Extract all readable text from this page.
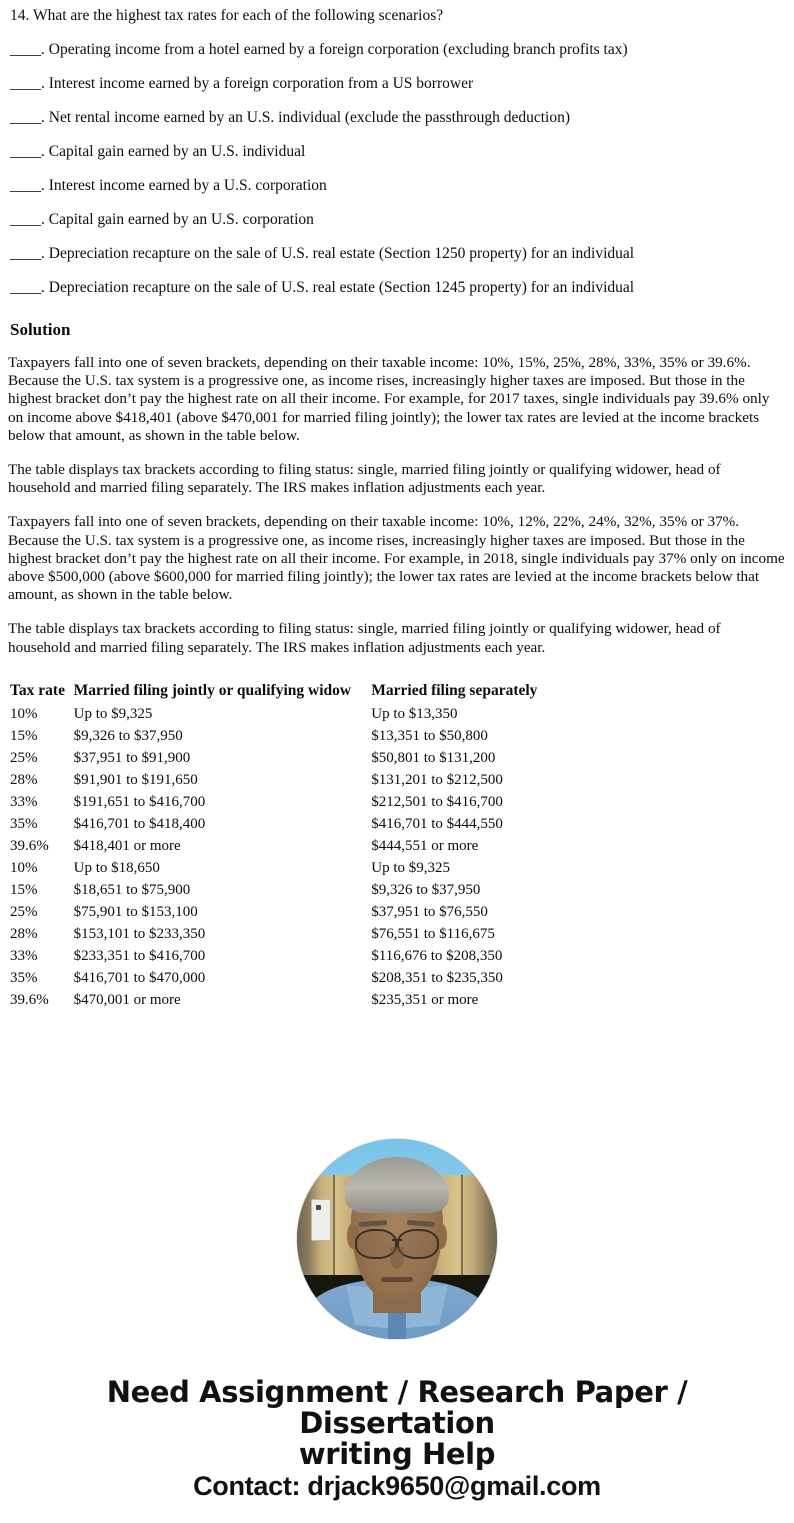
14. What are the highest tax rates for each of the following scenarios?

____. Operating income from a hotel earned by a foreign corporation (excluding branch profits tax)

____. Interest income earned by a foreign corporation from a US borrower

____. Net rental income earned by an U.S. individual (exclude the passthrough deduction)

____. Capital gain earned by an U.S. individual

____. Interest income earned by a U.S. corporation

____. Capital gain earned by an U.S. corporation

____. Depreciation recapture on the sale of U.S. real estate (Section 1250 property) for an individual

____. Depreciation recapture on the sale of U.S. real estate (Section 1245 property) for an individual

Solution

Taxpayers fall into one of seven brackets, depending on their taxable income: 10%, 15%, 25%, 28%, 33%, 35% or 39.6%. Because the U.S. tax system is a progressive one, as income rises, increasingly higher taxes are imposed. But those in the highest bracket don’t pay the highest rate on all their income. For example, for 2017 taxes, single individuals pay 39.6% only on income above $418,401 (above $470,001 for married filing jointly); the lower tax rates are levied at the income brackets below that amount, as shown in the table below.

The table displays tax brackets according to filing status: single, married filing jointly or qualifying widower, head of household and married filing separately. The IRS makes inflation adjustments each year.

Taxpayers fall into one of seven brackets, depending on their taxable income: 10%, 12%, 22%, 24%, 32%, 35% or 37%. Because the U.S. tax system is a progressive one, as income rises, increasingly higher taxes are imposed. But those in the highest bracket don’t pay the highest rate on all their income. For example, in 2018, single individuals pay 37% only on income above $500,000 (above $600,000 for married filing jointly); the lower tax rates are levied at the income brackets below that amount, as shown in the table below.

The table displays tax brackets according to filing status: single, married filing jointly or qualifying widower, head of household and married filing separately. The IRS makes inflation adjustments each year.

Tax rate	Married filing jointly or qualifying widow	Married filing separately
10%	Up to $9,325	Up to $13,350
15%	$9,326 to $37,950	$13,351 to $50,800
25%	$37,951 to $91,900	$50,801 to $131,200
28%	$91,901 to $191,650	$131,201 to $212,500
33%	$191,651 to $416,700	$212,501 to $416,700
35%	$416,701 to $418,400	$416,701 to $444,550
39.6%	$418,401 or more	$444,551 or more
10%	Up to $18,650	Up to $9,325
15%	$18,651 to $75,900	$9,326 to $37,950
25%	$75,901 to $153,100	$37,951 to $76,550
28%	$153,101 to $233,350	$76,551 to $116,675
33%	$233,351 to $416,700	$116,676 to $208,350
35%	$416,701 to $470,000	$208,351 to $235,350
39.6%	$470,001 or more	$235,351 or more
Need Assignment / Research Paper / Dissertation
writing Help
Contact: drjack9650@gmail.com
